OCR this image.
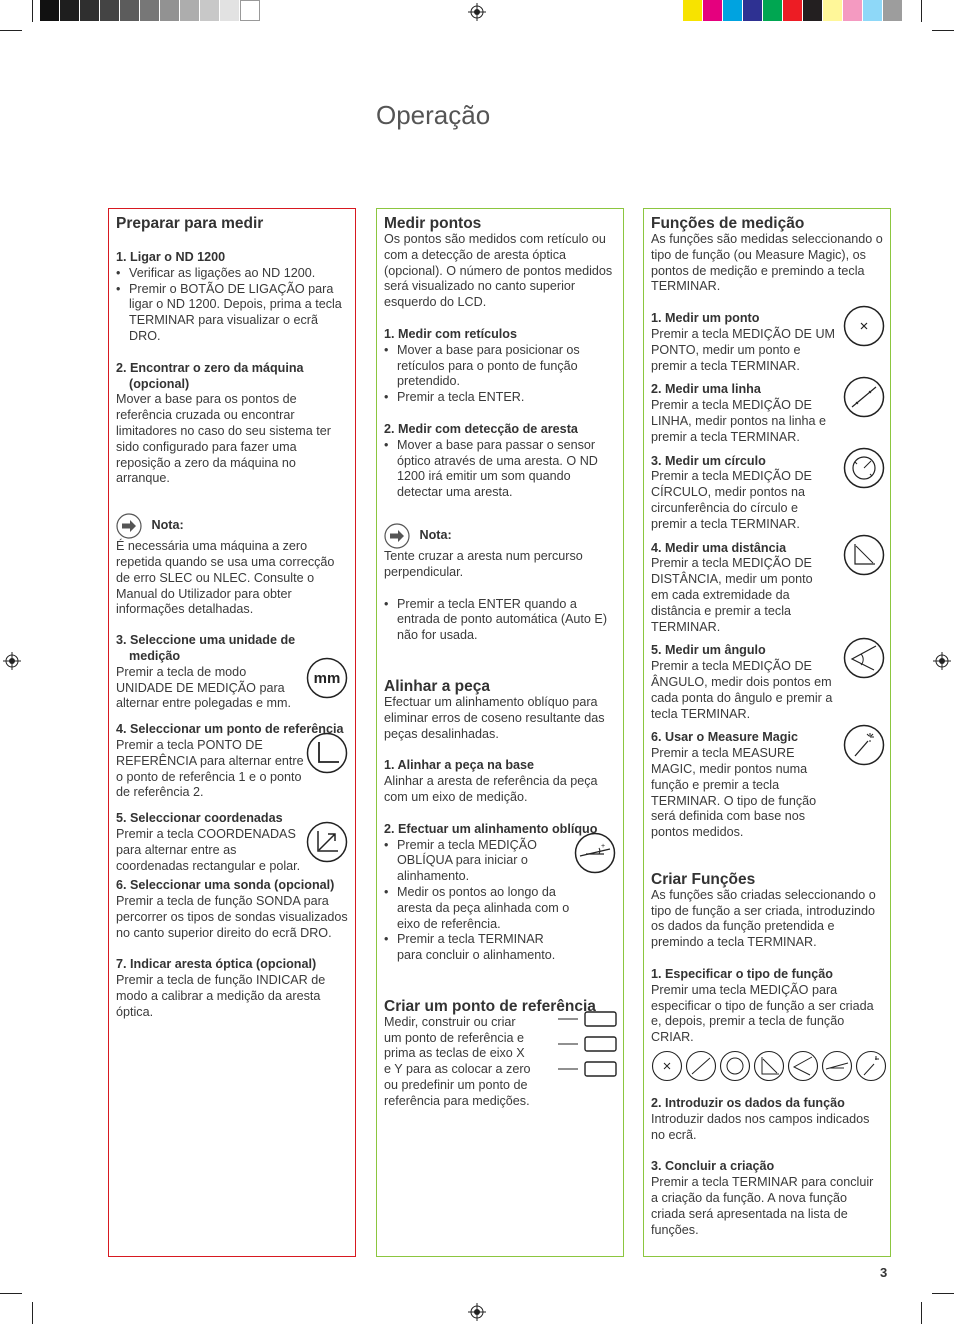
Operação
Preparar para medir
1. Ligar o ND 1200
• Verificar as ligações ao ND 1200.
• Premir o BOTÃO DE LIGAÇÃO para ligar o ND 1200. Depois, prima a tecla TERMINAR para visualizar o ecrã DRO.
2. Encontrar o zero da máquina (opcional)

Mover a base para os pontos de referência cruzada ou encontrar limitadores no caso do seu sistema ter sido configurado para fazer uma reposição a zero da máquina no arranque.

Nota:

É necessária uma máquina a zero repetida quando se usa uma correcção de erro SLEC ou NLEC. Consulte o Manual do Utilizador para obter informações detalhadas.

3. Seleccione uma unidade de medição

Premir a tecla de modo UNIDADE DE MEDIÇÃO para alternar entre polegadas e mm.

mm
4. Seleccionar um ponto de referência

Premir a tecla PONTO DE REFERÊNCIA para alternar entre o ponto de referência 1 e o ponto de referência 2.

5. Seleccionar coordenadas

Premir a tecla COORDENADAS para alternar entre as coordenadas rectangular e polar.

6. Seleccionar uma sonda (opcional)

Premir a tecla de função SONDA para percorrer os tipos de sondas visualizados no canto superior direito do ecrã DRO.

7. Indicar aresta óptica (opcional)

Premir a tecla de função INDICAR de modo a calibrar a medição da aresta óptica.

Medir pontos

Os pontos são medidos com retículo ou com a detecção de aresta óptica (opcional). O número de pontos medidos será visualizado no canto superior esquerdo do LCD.

1. Medir com retículos
• Mover a base para posicionar os retículos para o ponto de função pretendido.
• Premir a tecla ENTER.
2. Medir com detecção de aresta
• Mover a base para passar o sensor óptico através de uma aresta. O ND 1200 irá emitir um som quando detectar uma aresta.
Nota:

Tente cruzar a aresta num percurso perpendicular.

• Premir a tecla ENTER quando a entrada de ponto automática (Auto E) não for usada.
Alinhar a peça

Efectuar um alinhamento oblíquo para eliminar erros de coseno resultante das peças desalinhadas.

1. Alinhar a peça na base

Alinhar a aresta de referência da peça com um eixo de medição.

2. Efectuar um alinhamento oblíquo
• Premir a tecla MEDIÇÃO OBLÍQUA para iniciar o alinhamento.
• Medir os pontos ao longo da aresta da peça alinhada com o eixo de referência.
• Premir a tecla TERMINAR para concluir o alinhamento.
+
Criar um ponto de referência

Medir, construir ou criar um ponto de referência e prima as teclas de eixo X e Y para as colocar a zero ou predefinir um ponto de referência para medições.

Funções de medição

As funções são medidas seleccionando o tipo de função (ou Measure Magic), os pontos de medição e premindo a tecla TERMINAR.

1. Medir um ponto

Premir a tecla MEDIÇÃO DE UM PONTO, medir um ponto e premir a tecla TERMINAR.

2. Medir uma linha

Premir a tecla MEDIÇÃO DE LINHA, medir pontos na linha e premir a tecla TERMINAR.

3. Medir um círculo

Premir a tecla MEDIÇÃO DE CÍRCULO, medir pontos na circunferência do círculo e premir a tecla TERMINAR.

4. Medir uma distância

Premir a tecla MEDIÇÃO DE DISTÂNCIA, medir um ponto em cada extremidade da distância e premir a tecla TERMINAR.

5. Medir um ângulo

Premir a tecla MEDIÇÃO DE ÂNGULO, medir dois pontos em cada ponta do ângulo e premir a tecla TERMINAR.

6. Usar o Measure Magic

Premir a tecla MEASURE MAGIC, medir pontos numa função e premir a tecla TERMINAR. O tipo de função será definida com base nos pontos medidos.

Criar Funções

As funções são criadas seleccionando o tipo de função a ser criada, introduzindo os dados da função pretendida e premindo a tecla TERMINAR.

1. Especificar o tipo de função

Premir uma tecla MEDIÇÃO para especificar o tipo de função a ser criada e, depois, premir a tecla de função CRIAR.

2. Introduzir os dados da função

Introduzir dados nos campos indicados no ecrã.

3. Concluir a criação

Premir a tecla TERMINAR para concluir a criação da função. A nova função criada será apresentada na lista de funções.

3
